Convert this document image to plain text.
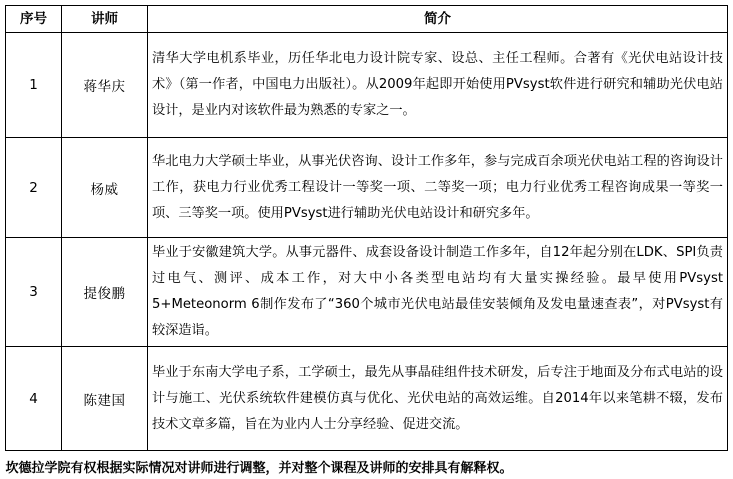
序号	讲师	简介
1	蒋华庆	清华大学电机系毕业，历任华北电力设计院专家、设总、主任工程师。合著有《光伏电站设计技术》（第一作者，中国电力出版社）。从2009年起即开始使用PVsyst软件进行研究和辅助光伏电站设计，是业内对该软件最为熟悉的专家之一。
2	杨威	华北电力大学硕士毕业，从事光伏咨询、设计工作多年，参与完成百余项光伏电站工程的咨询设计工作，获电力行业优秀工程设计一等奖一项、二等奖一项；电力行业优秀工程咨询成果一等奖一项、三等奖一项。使用PVsyst进行辅助光伏电站设计和研究多年。
3	提俊鹏	毕业于安徽建筑大学。从事元器件、成套设备设计制造工作多年，自12年起分别在LDK、SPI负责过电气、测评、成本工作，对大中小各类型电站均有大量实操经验。最早使用PVsyst 5+Meteonorm 6制作发布了“360个城市光伏电站最佳安装倾角及发电量速查表”，对PVsyst有较深造诣。
4	陈建国	毕业于东南大学电子系，工学硕士，最先从事晶硅组件技术研发，后专注于地面及分布式电站的设计与施工、光伏系统软件建模仿真与优化、光伏电站的高效运维。自2014年以来笔耕不辍，发布技术文章多篇，旨在为业内人士分享经验、促进交流。
坎德拉学院有权根据实际情况对讲师进行调整，并对整个课程及讲师的安排具有解释权。
